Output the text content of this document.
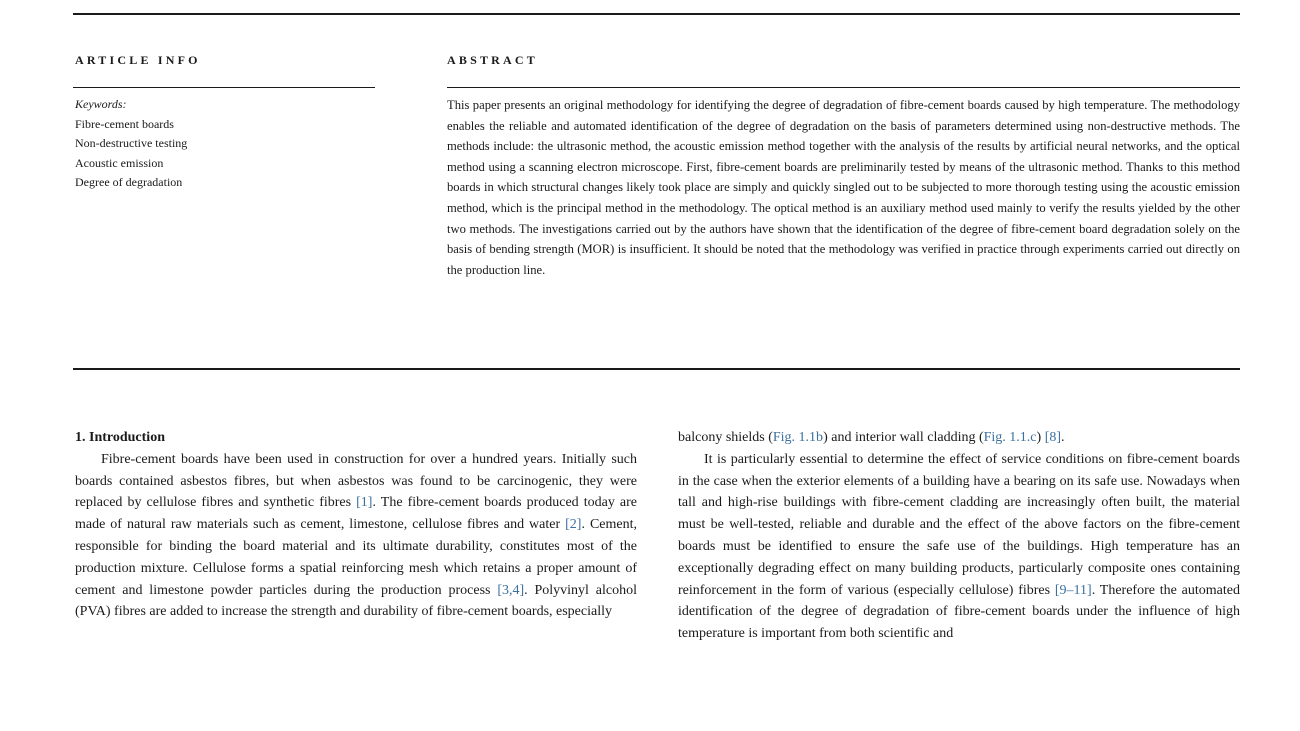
ARTICLE INFO
Keywords:
Fibre-cement boards
Non-destructive testing
Acoustic emission
Degree of degradation
ABSTRACT
This paper presents an original methodology for identifying the degree of degradation of fibre-cement boards caused by high temperature. The methodology enables the reliable and automated identification of the degree of degradation on the basis of parameters determined using non-destructive methods. The methods include: the ultrasonic method, the acoustic emission method together with the analysis of the results by artificial neural networks, and the optical method using a scanning electron microscope. First, fibre-cement boards are preliminarily tested by means of the ultrasonic method. Thanks to this method boards in which structural changes likely took place are simply and quickly singled out to be subjected to more thorough testing using the acoustic emission method, which is the principal method in the methodology. The optical method is an auxiliary method used mainly to verify the results yielded by the other two methods. The investigations carried out by the authors have shown that the identification of the degree of fibre-cement board degradation solely on the basis of bending strength (MOR) is insufficient. It should be noted that the methodology was verified in practice through experiments carried out directly on the production line.

1. Introduction

Fibre-cement boards have been used in construction for over a hundred years. Initially such boards contained asbestos fibres, but when asbestos was found to be carcinogenic, they were replaced by cellulose fibres and synthetic fibres [1]. The fibre-cement boards produced today are made of natural raw materials such as cement, limestone, cellulose fibres and water [2]. Cement, responsible for binding the board material and its ultimate durability, constitutes most of the production mixture. Cellulose forms a spatial reinforcing mesh which retains a proper amount of cement and limestone powder particles during the production process [3,4]. Polyvinyl alcohol (PVA) fibres are added to increase the strength and durability of fibre-cement boards, especially

balcony shields (Fig. 1.1b) and interior wall cladding (Fig. 1.1.c) [8].

It is particularly essential to determine the effect of service conditions on fibre-cement boards in the case when the exterior elements of a building have a bearing on its safe use. Nowadays when tall and high-rise buildings with fibre-cement cladding are increasingly often built, the material must be well-tested, reliable and durable and the effect of the above factors on the fibre-cement boards must be identified to ensure the safe use of the buildings. High temperature has an exceptionally degrading effect on many building products, particularly composite ones containing reinforcement in the form of various (especially cellulose) fibres [9–11]. Therefore the automated identification of the degree of degradation of fibre-cement boards under the influence of high temperature is important from both scientific and
